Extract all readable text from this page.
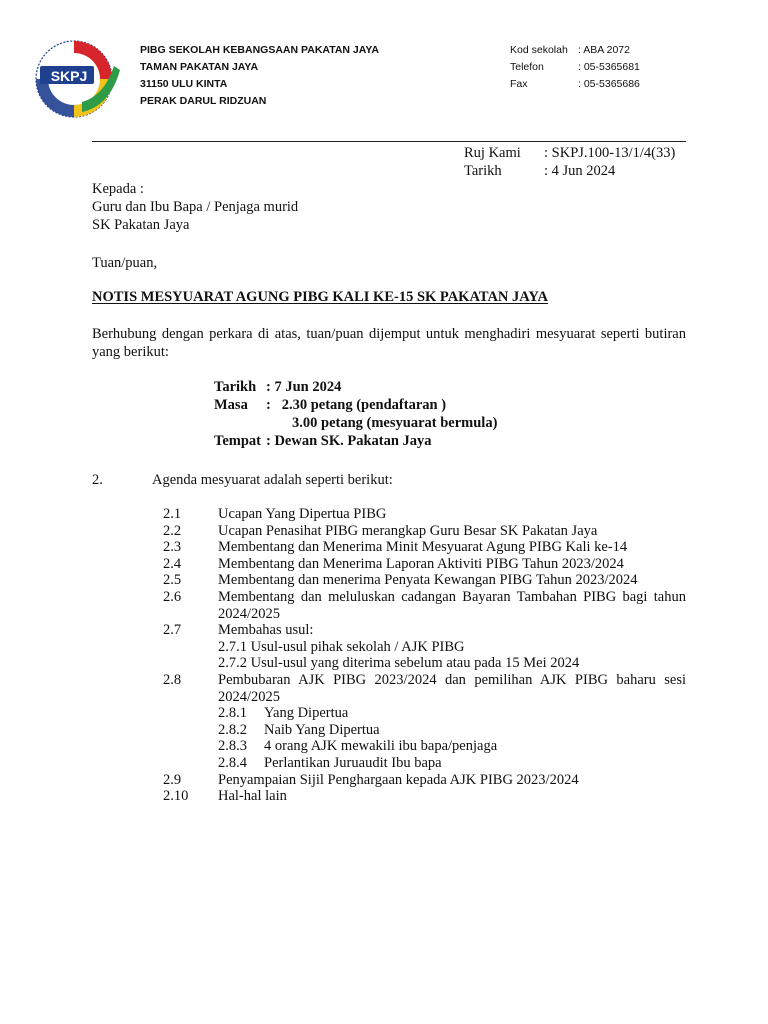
SKPJ
PIBG SEKOLAH KEBANGSAAN PAKATAN JAYA
TAMAN PAKATAN JAYA
31150 ULU KINTA
PERAK DARUL RIDZUAN
Kod sekolah : ABA 2072
Telefon	: 05-5365681
Fax	: 05-5365686
Ruj Kami	: SKPJ.100-13/1/4(33)
Tarikh	: 4 Jun 2024
Kepada :
Guru dan Ibu Bapa / Penjaga murid
SK Pakatan Jaya
Tuan/puan,
NOTIS MESYUARAT AGUNG PIBG KALI KE-15 SK PAKATAN JAYA
Berhubung dengan perkara di atas, tuan/puan dijemput untuk menghadiri mesyuarat seperti butiran yang berikut:
Tarikh : 7 Jun 2024
Masa	:   2.30 petang (pendaftaran )
3.00 petang (mesyuarat bermula)
Tempat : Dewan SK. Pakatan Jaya
2.	Agenda mesyuarat adalah seperti berikut:
2.1	Ucapan Yang Dipertua PIBG
2.2	Ucapan Penasihat PIBG merangkap Guru Besar SK Pakatan Jaya
2.3	Membentang dan Menerima Minit Mesyuarat Agung PIBG Kali ke-14
2.4	Membentang dan Menerima Laporan Aktiviti PIBG Tahun 2023/2024
2.5	Membentang dan menerima Penyata Kewangan PIBG Tahun 2023/2024
2.6	Membentang dan meluluskan cadangan Bayaran Tambahan PIBG bagi tahun 2024/2025
2.7	Membahas usul:
2.7.1 Usul-usul pihak sekolah / AJK PIBG
2.7.2 Usul-usul yang diterima sebelum atau pada 15 Mei 2024
2.8	Pembubaran AJK PIBG 2023/2024 dan pemilihan AJK PIBG baharu sesi 2024/2025
2.8.1	Yang Dipertua
2.8.2	Naib Yang Dipertua
2.8.3	4 orang AJK mewakili ibu bapa/penjaga
2.8.4	Perlantikan Juruaudit Ibu bapa
2.9	Penyampaian Sijil Penghargaan kepada AJK PIBG 2023/2024
2.10	Hal-hal lain
